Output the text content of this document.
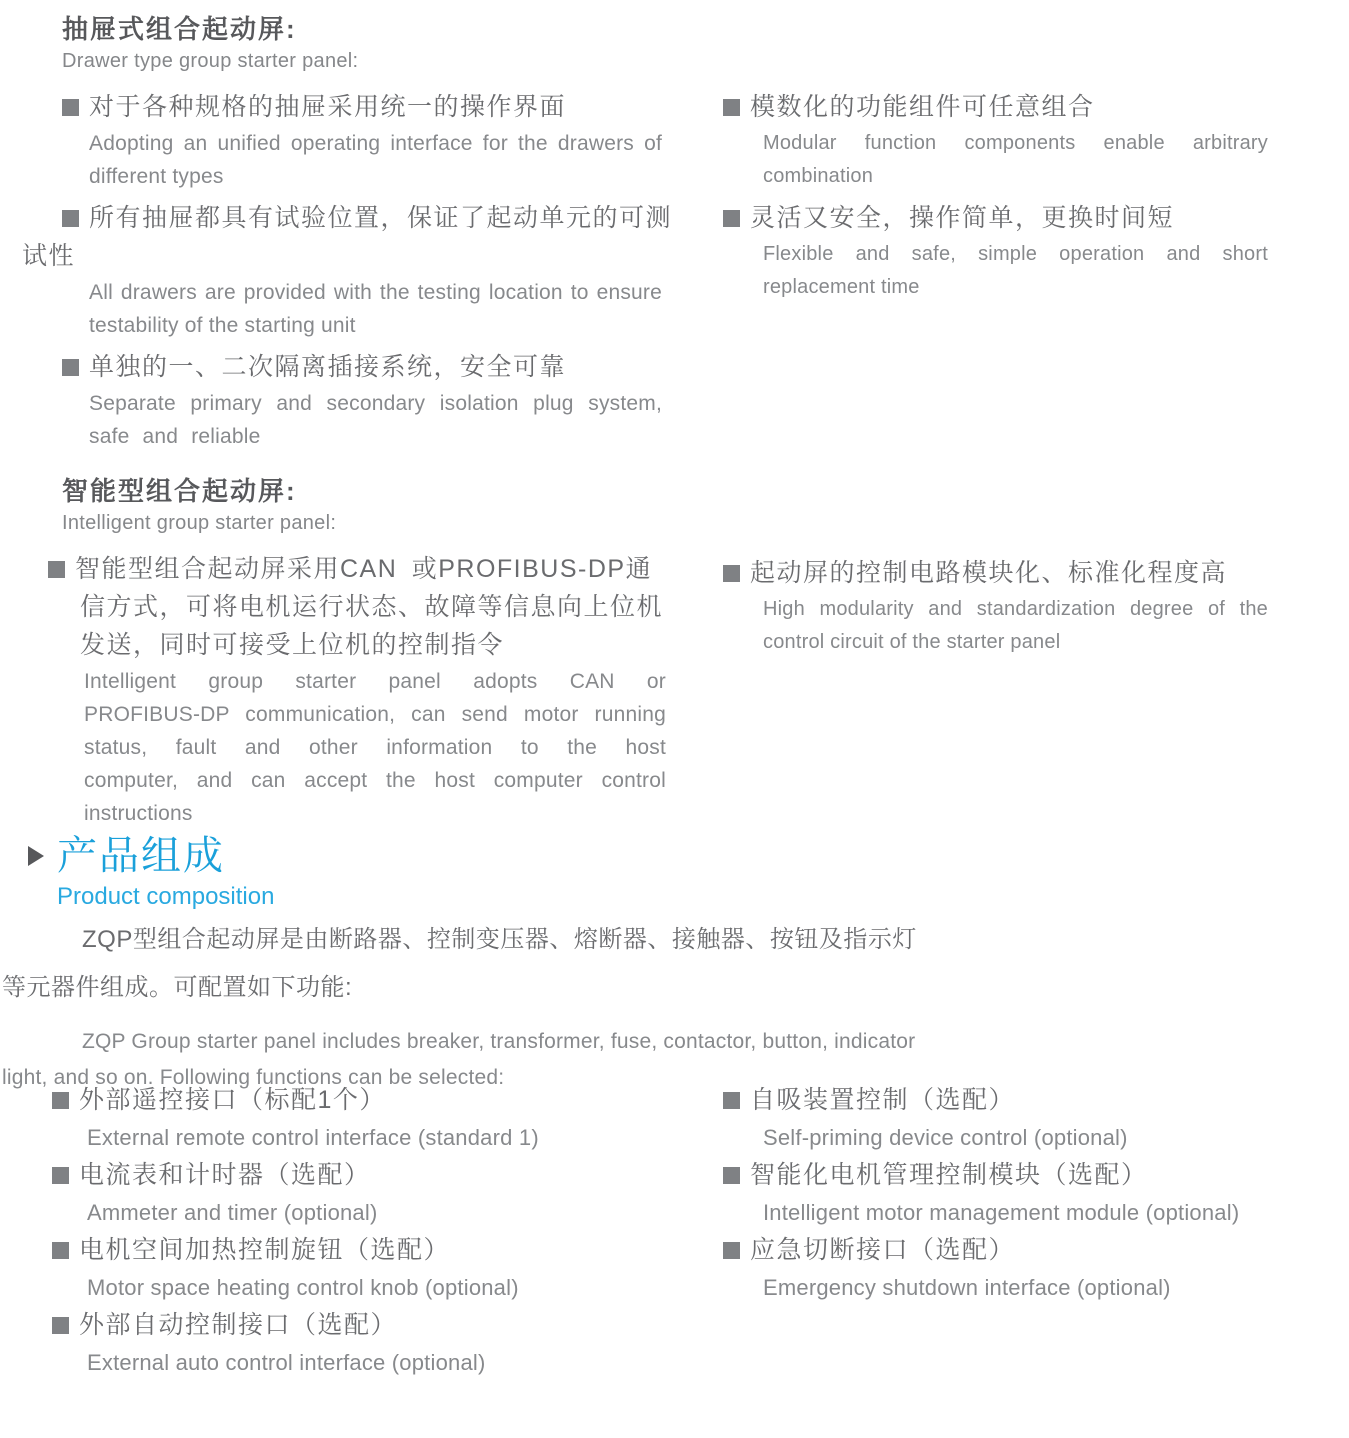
抽屉式组合起动屏:
Drawer type group starter panel:
对于各种规格的抽屉采用统一的操作界面
Adopting an unified operating interface for the drawers of different types
所有抽屉都具有试验位置，保证了起动单元的可测试性
All drawers are provided with the testing location to ensure testability of the starting unit
单独的一、二次隔离插接系统，安全可靠
Separate primary and secondary isolation plug system, safe and reliable
模数化的功能组件可任意组合
Modular function components enable arbitrary combination
灵活又安全，操作简单，更换时间短
Flexible and safe, simple operation and short replacement time
智能型组合起动屏:
Intelligent group starter panel:
智能型组合起动屏采用CAN 或PROFIBUS-DP通信方式，可将电机运行状态、故障等信息向上位机发送，同时可接受上位机的控制指令
Intelligent group starter panel adopts CAN or PROFIBUS-DP communication, can send motor running status, fault and other information to the host computer, and can accept the host computer control instructions
起动屏的控制电路模块化、标准化程度高
High modularity and standardization degree of the control circuit of the starter panel
产品组成
Product composition

ZQP型组合起动屏是由断路器、控制变压器、熔断器、接触器、按钮及指示灯等元器件组成。可配置如下功能:

ZQP Group starter panel includes breaker, transformer, fuse, contactor, button, indicator light, and so on. Following functions can be selected:

外部遥控接口（标配1个）
External remote control interface (standard 1)
电流表和计时器（选配）
Ammeter and timer (optional)
电机空间加热控制旋钮（选配）
Motor space heating control knob (optional)
外部自动控制接口（选配）
External auto control interface (optional)
自吸装置控制（选配）
Self-priming device control (optional)
智能化电机管理控制模块（选配）
Intelligent motor management module (optional)
应急切断接口（选配）
Emergency shutdown interface (optional)
